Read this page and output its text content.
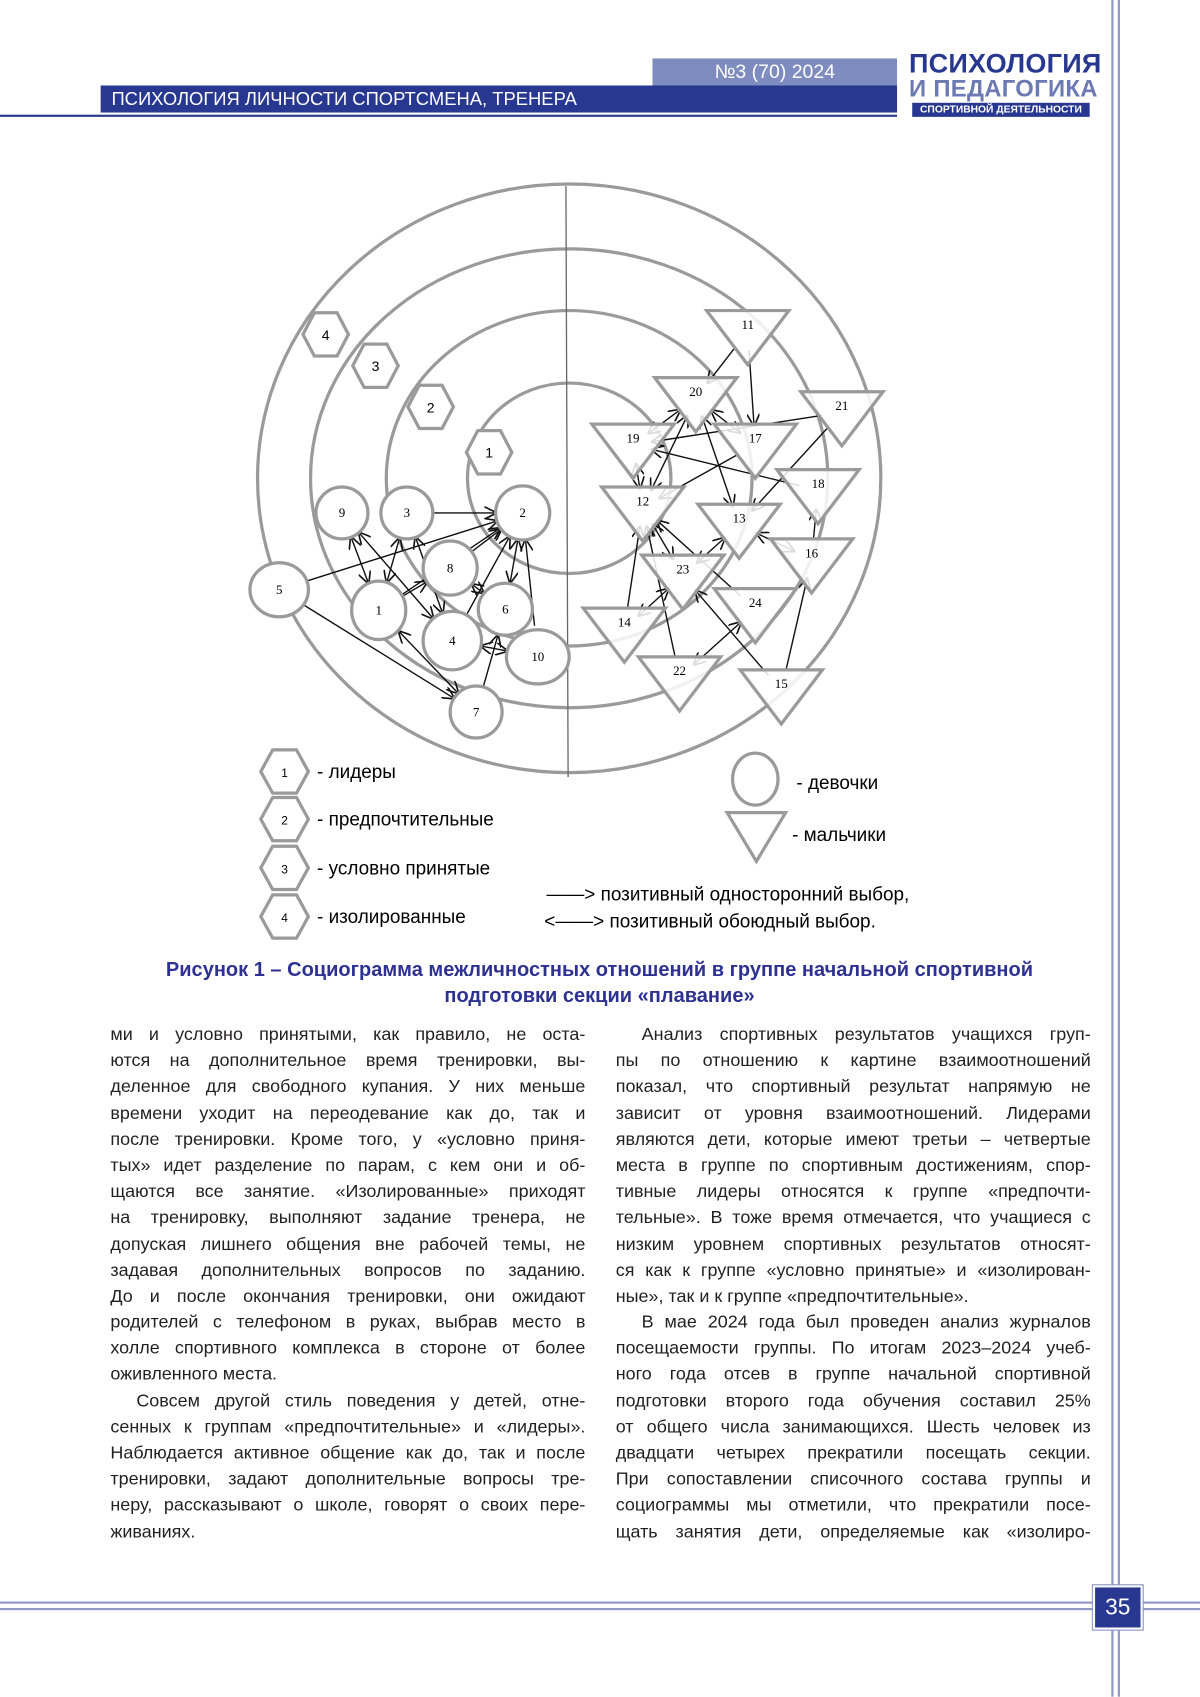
№3 (70) 2024
ПСИХОЛОГИЯ ЛИЧНОСТИ СПОРТСМЕНА, ТРЕНЕРА
ПСИХОЛОГИЯ
И ПЕДАГОГИКА
СПОРТИВНОЙ ДЕЯТЕЛЬНОСТИ
1
2
3
4
9	3	2
8
5
1	6
4
10
7
11
20
19	17
21
18
12
13
16
23
24
14
22
15
1 - лидеры
2 - предпочтительные
3 - условно принятые
4 - изолированные
- девочки
- мальчики
——> позитивный односторонний выбор,
<——> позитивный обоюдный выбор.
Рисунок 1 – Социограмма межличностных отношений в группе начальной спортивной
подготовки секции «плавание»
ми и условно принятыми, как правило, не оста-
ются на дополнительное время тренировки, вы-
деленное для свободного купания. У них меньше
времени уходит на переодевание как до, так и
после тренировки. Кроме того, у «условно приня-
тых» идет разделение по парам, с кем они и об-
щаются все занятие. «Изолированные» приходят
на тренировку, выполняют задание тренера, не
допуская лишнего общения вне рабочей темы, не
задавая дополнительных вопросов по заданию.
До и после окончания тренировки, они ожидают
родителей с телефоном в руках, выбрав место в
холле спортивного комплекса в стороне от более
оживленного места.
Совсем другой стиль поведения у детей, отне-
сенных к группам «предпочтительные» и «лидеры».
Наблюдается активное общение как до, так и после
тренировки, задают дополнительные вопросы тре-
неру, рассказывают о школе, говорят о своих пере-
живаниях.
Анализ спортивных результатов учащихся груп-
пы по отношению к картине взаимоотношений
показал, что спортивный результат напрямую не
зависит от уровня взаимоотношений. Лидерами
являются дети, которые имеют третьи – четвертые
места в группе по спортивным достижениям, спор-
тивные лидеры относятся к группе «предпочти-
тельные». В тоже время отмечается, что учащиеся с
низким уровнем спортивных результатов относят-
ся как к группе «условно принятые» и «изолирован-
ные», так и к группе «предпочтительные».
В мае 2024 года был проведен анализ журналов
посещаемости группы. По итогам 2023–2024 учеб-
ного года отсев в группе начальной спортивной
подготовки второго года обучения составил 25%
от общего числа занимающихся. Шесть человек из
двадцати четырех прекратили посещать секции.
При сопоставлении списочного состава группы и
социограммы мы отметили, что прекратили посе-
щать занятия дети, определяемые как «изолиро-
35
